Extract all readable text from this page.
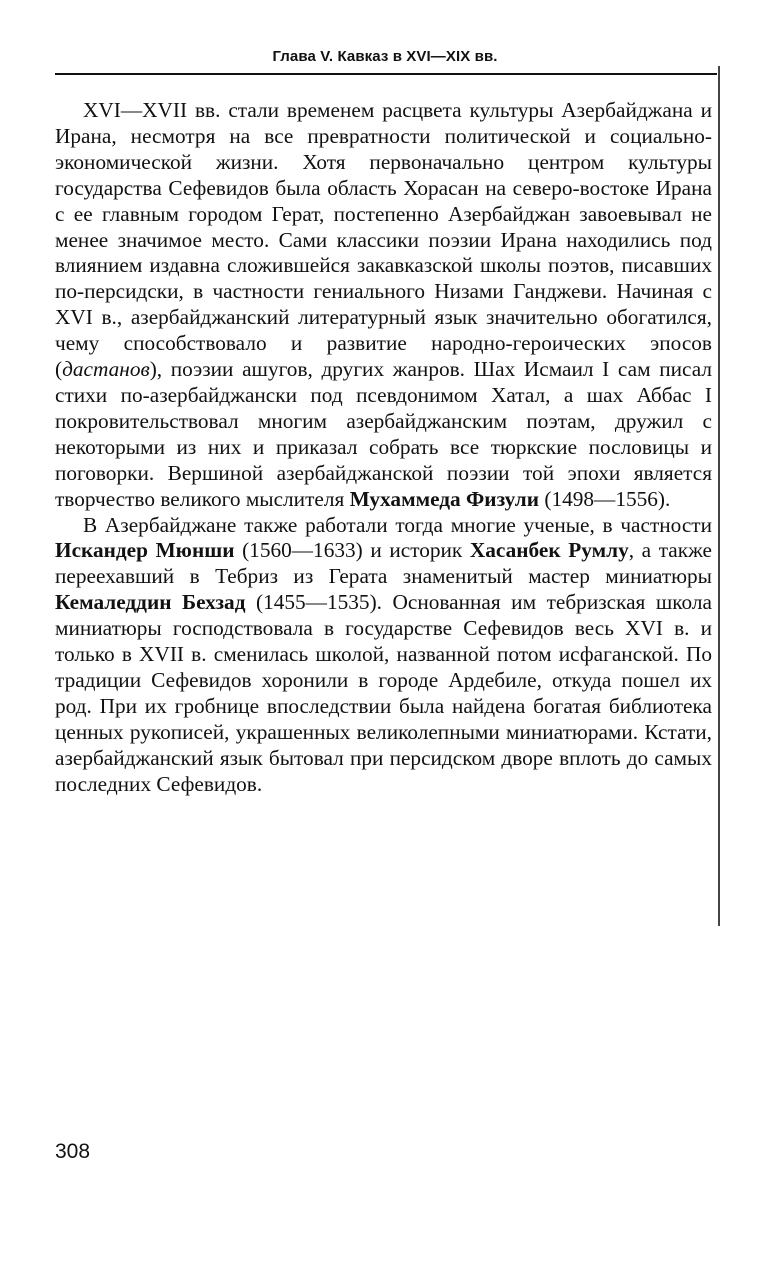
Глава V. Кавказ в XVI—XIX вв.

XVI—XVII вв. стали временем расцвета культуры Азербайджана и Ирана, несмотря на все превратности политической и социально-экономической жизни. Хотя первоначально центром культуры государства Сефевидов была область Хорасан на северо-востоке Ирана с ее главным городом Герат, постепенно Азербайджан завоевывал не менее значимое место. Сами классики поэзии Ирана находились под влиянием издавна сложившейся закавказской школы поэтов, писавших по-персидски, в частности гениального Низами Ганджеви. Начиная с XVI в., азербайджанский литературный язык значительно обогатился, чему способствовало и развитие народно-героических эпосов (дастанов), поэзии ашугов, других жанров. Шах Исмаил I сам писал стихи по-азербайджански под псевдонимом Хатал, а шах Аббас I покровительствовал многим азербайджанским поэтам, дружил с некоторыми из них и приказал собрать все тюркские пословицы и поговорки. Вершиной азербайджанской поэзии той эпохи является творчество великого мыслителя Мухаммеда Физули (1498—1556).

В Азербайджане также работали тогда многие ученые, в частности Искандер Мюнши (1560—1633) и историк Хасанбек Румлу, а также переехавший в Тебриз из Герата знаменитый мастер миниатюры Кемаледдин Бехзад (1455—1535). Основанная им тебризская школа миниатюры господствовала в государстве Сефевидов весь XVI в. и только в XVII в. сменилась школой, названной потом исфаганской. По традиции Сефевидов хоронили в городе Ардебиле, откуда пошел их род. При их гробнице впоследствии была найдена богатая библиотека ценных рукописей, украшенных великолепными миниатюрами. Кстати, азербайджанский язык бытовал при персидском дворе вплоть до самых последних Сефевидов.

308
